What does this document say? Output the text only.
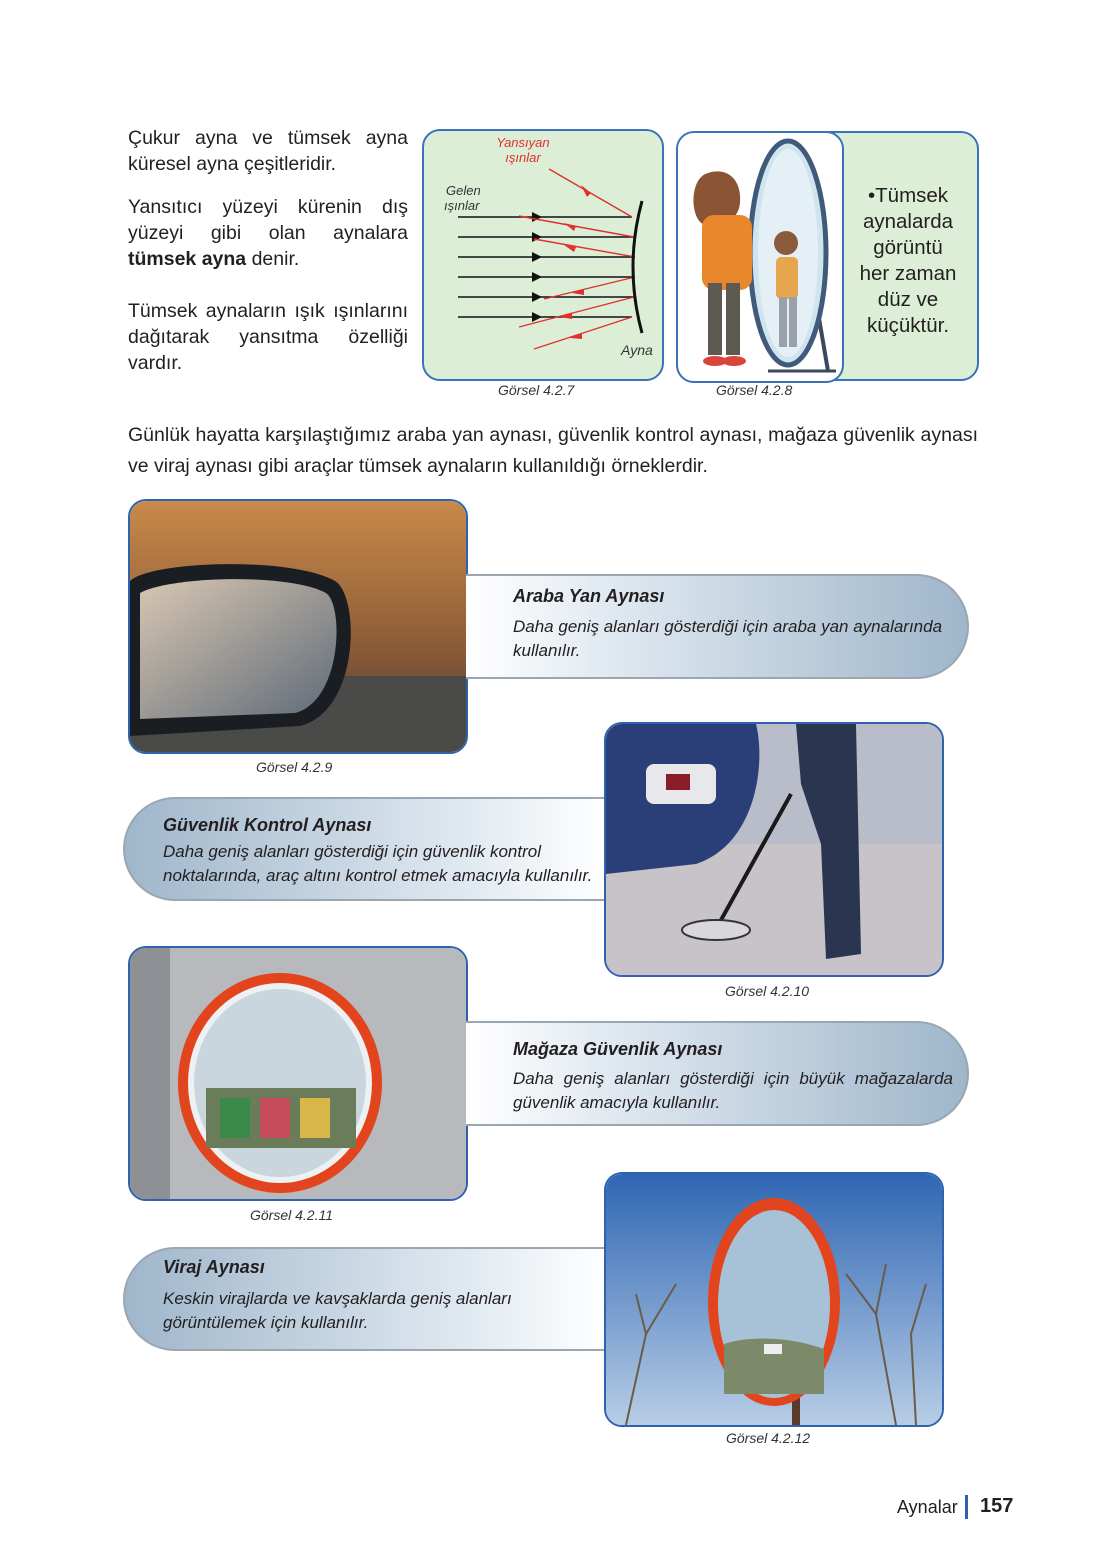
Çukur ayna ve tümsek ayna küresel ayna çeşitleridir.
Yansıtıcı yüzeyi kürenin dış yüzeyi gibi olan aynalara tümsek ayna denir.
Tümsek aynaların ışık ışınlarını dağıtarak yansıtma özelliği vardır.
Yansıyan
ışınlar
Gelen
ışınlar
Ayna
Görsel 4.2.7
•Tümsek
aynalarda
görüntü
her zaman
düz ve
küçüktür.
Görsel 4.2.8
Günlük hayatta karşılaştığımız araba yan aynası, güvenlik kontrol aynası, mağaza güvenlik aynası ve viraj aynası gibi araçlar tümsek aynaların kullanıldığı örneklerdir.
Görsel 4.2.9
Araba Yan Aynası
Daha geniş alanları gösterdiği için araba yan aynalarında kullanılır.
Güvenlik Kontrol Aynası
Daha geniş alanları gösterdiği için güvenlik kontrol noktalarında, araç altını kontrol etmek amacıyla kullanılır.
Görsel 4.2.10
Görsel 4.2.11
Mağaza Güvenlik Aynası
Daha geniş alanları gösterdiği için büyük mağazalarda güvenlik amacıyla kullanılır.
Viraj Aynası
Keskin virajlarda ve kavşaklarda geniş alanları görüntülemek için kullanılır.
Görsel 4.2.12
Aynalar 157
